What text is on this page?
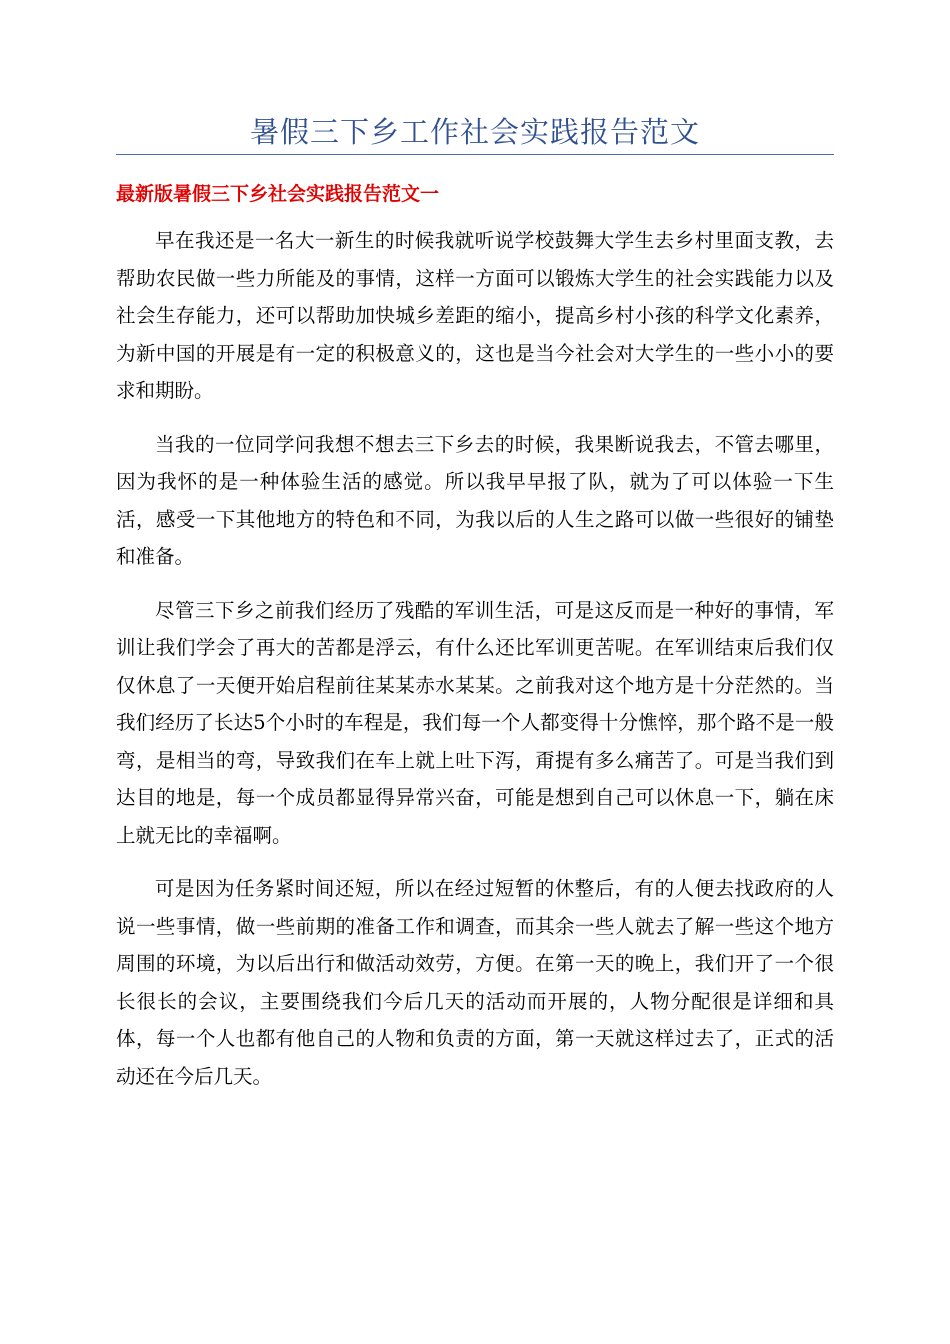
暑假三下乡工作社会实践报告范文
最新版暑假三下乡社会实践报告范文一

早在我还是一名大一新生的时候我就听说学校鼓舞大学生去乡村里面支教，去帮助农民做一些力所能及的事情，这样一方面可以锻炼大学生的社会实践能力以及社会生存能力，还可以帮助加快城乡差距的缩小，提高乡村小孩的科学文化素养，为新中国的开展是有一定的积极意义的，这也是当今社会对大学生的一些小小的要求和期盼。

当我的一位同学问我想不想去三下乡去的时候，我果断说我去，不管去哪里，因为我怀的是一种体验生活的感觉。所以我早早报了队，就为了可以体验一下生活，感受一下其他地方的特色和不同，为我以后的人生之路可以做一些很好的铺垫和准备。

尽管三下乡之前我们经历了残酷的军训生活，可是这反而是一种好的事情，军训让我们学会了再大的苦都是浮云，有什么还比军训更苦呢。在军训结束后我们仅仅休息了一天便开始启程前往某某赤水某某。之前我对这个地方是十分茫然的。当我们经历了长达5个小时的车程是，我们每一个人都变得十分憔悴，那个路不是一般弯，是相当的弯，导致我们在车上就上吐下泻，甭提有多么痛苦了。可是当我们到达目的地是，每一个成员都显得异常兴奋，可能是想到自己可以休息一下，躺在床上就无比的幸福啊。

可是因为任务紧时间还短，所以在经过短暂的休整后，有的人便去找政府的人说一些事情，做一些前期的准备工作和调查，而其余一些人就去了解一些这个地方周围的环境，为以后出行和做活动效劳，方便。在第一天的晚上，我们开了一个很长很长的会议，主要围绕我们今后几天的活动而开展的，人物分配很是详细和具体，每一个人也都有他自己的人物和负责的方面，第一天就这样过去了，正式的活动还在今后几天。
